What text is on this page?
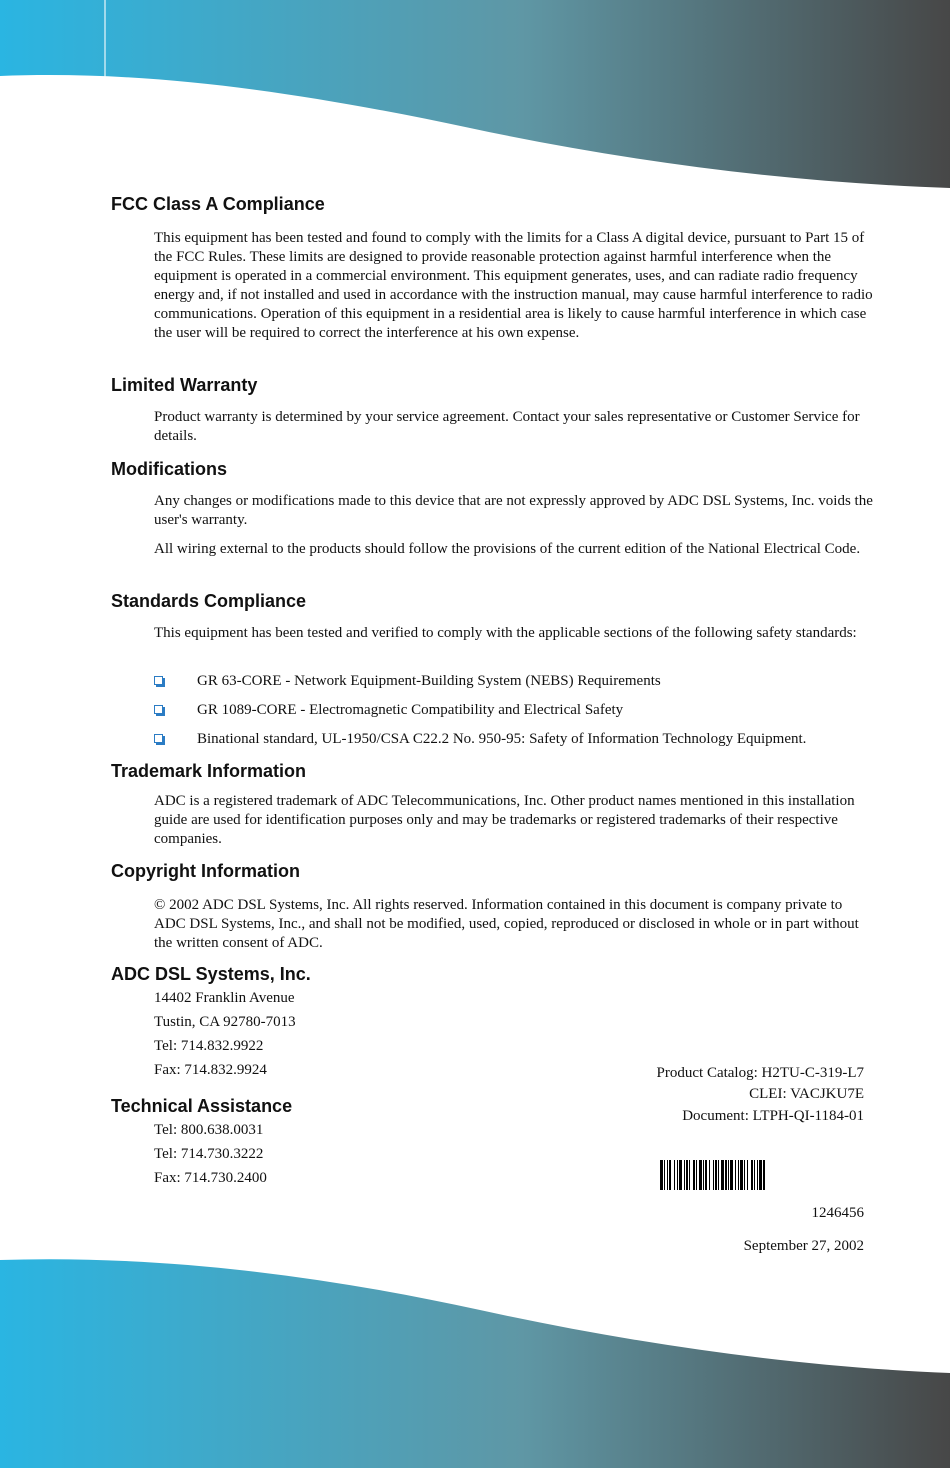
FCC Class A Compliance

This equipment has been tested and found to comply with the limits for a Class A digital device, pursuant to Part 15 of the FCC Rules. These limits are designed to provide reasonable protection against harmful interference when the equipment is operated in a commercial environment. This equipment generates, uses, and can radiate radio frequency energy and, if not installed and used in accordance with the instruction manual, may cause harmful interference to radio communications. Operation of this equipment in a residential area is likely to cause harmful interference in which case the user will be required to correct the interference at his own expense.

Limited Warranty

Product warranty is determined by your service agreement. Contact your sales representative or Customer Service for details.

Modifications

Any changes or modifications made to this device that are not expressly approved by ADC DSL Systems, Inc. voids the user's warranty.

All wiring external to the products should follow the provisions of the current edition of the National Electrical Code.

Standards Compliance

This equipment has been tested and verified to comply with the applicable sections of the following safety standards:

GR 63-CORE - Network Equipment-Building System (NEBS) Requirements
GR 1089-CORE - Electromagnetic Compatibility and Electrical Safety
Binational standard, UL-1950/CSA C22.2 No. 950-95: Safety of Information Technology Equipment.
Trademark Information

ADC is a registered trademark of ADC Telecommunications, Inc. Other product names mentioned in this installation guide are used for identification purposes only and may be trademarks or registered trademarks of their respective companies.

Copyright Information

© 2002 ADC DSL Systems, Inc. All rights reserved. Information contained in this document is company private to ADC DSL Systems, Inc., and shall not be modified, used, copied, reproduced or disclosed in whole or in part without the written consent of ADC.

ADC DSL Systems, Inc.
14402 Franklin Avenue
Tustin, CA 92780-7013
Tel: 714.832.9922
Fax: 714.832.9924
Technical Assistance
Tel: 800.638.0031
Tel: 714.730.3222
Fax: 714.730.2400
Product Catalog: H2TU-C-319-L7
CLEI: VACJKU7E
Document: LTPH-QI-1184-01
1246456
September 27, 2002
